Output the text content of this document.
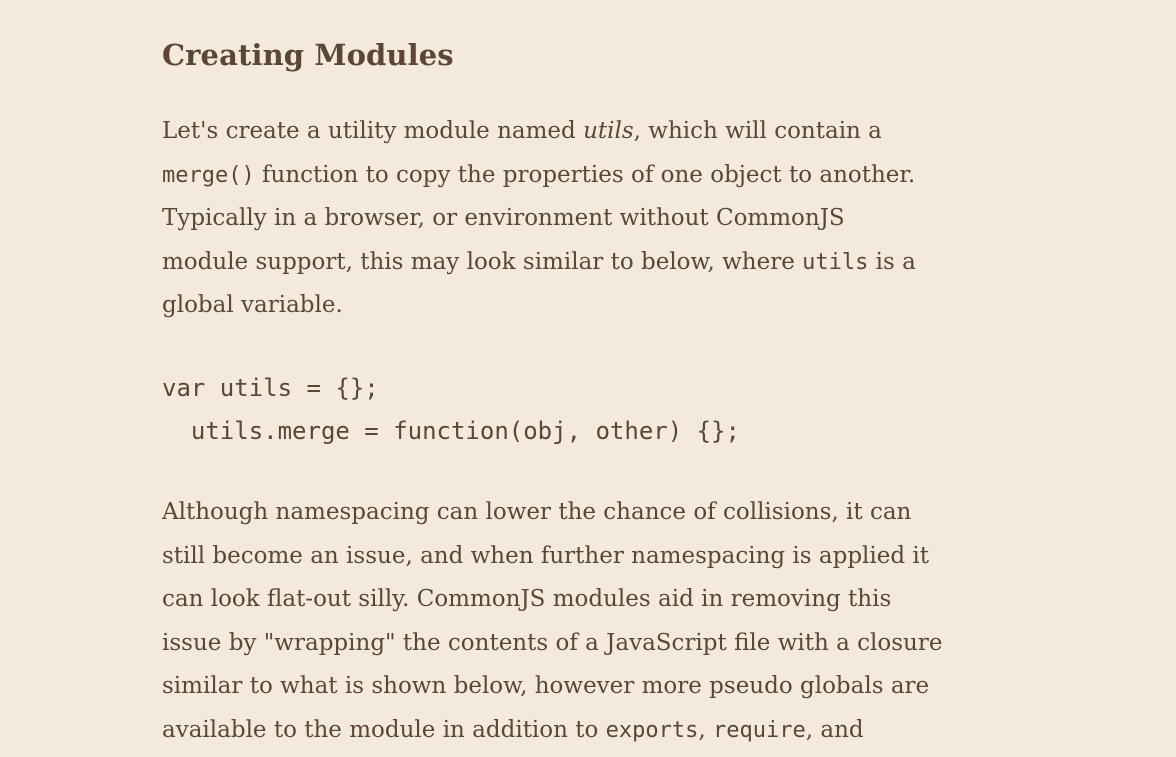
Creating Modules
Let's create a utility module named utils, which will contain a
merge() function to copy the properties of one object to another.
Typically in a browser, or environment without CommonJS
module support, this may look similar to below, where utils is a
global variable.
var utils = {};
utils.merge = function(obj, other) {};
Although namespacing can lower the chance of collisions, it can
still become an issue, and when further namespacing is applied it
can look flat-out silly. CommonJS modules aid in removing this
issue by "wrapping" the contents of a JavaScript file with a closure
similar to what is shown below, however more pseudo globals are
available to the module in addition to exports, require, and
